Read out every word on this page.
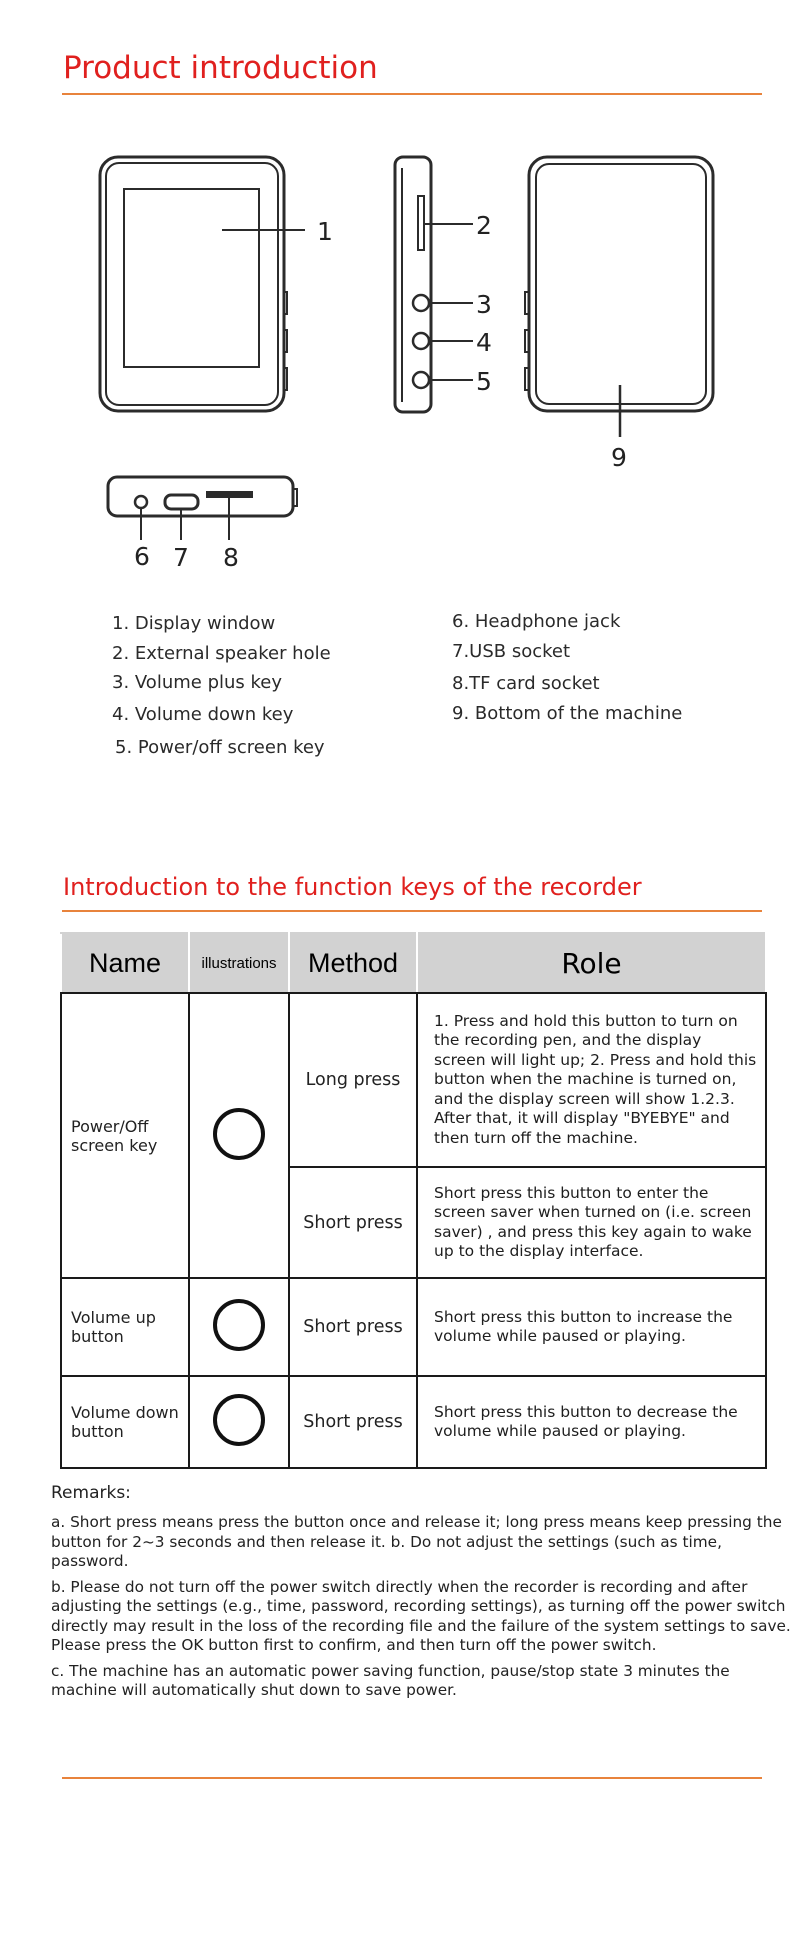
Product introduction
1	2
3
4
5
6 7 8
9
1. Display window
2. External speaker hole
3. Volume plus key
4. Volume down key
5. Power/off screen key
6. Headphone jack
7.USB socket
8.TF card socket
9. Bottom of the machine
Introduction to the function keys of the recorder
Name	illustrations	Method	Role
Power/Off screen key		Long press	1. Press and hold this button to turn on the recording pen, and the display screen will light up; 2. Press and hold this button when the machine is turned on, and the display screen will show 1.2.3. After that, it will display "BYEBYE" and then turn off the machine.
		Short press	Short press this button to enter the screen saver when turned on (i.e. screen saver) , and press this key again to wake up to the display interface.
Volume up button		Short press	Short press this button to increase the volume while paused or playing.
Volume down button		Short press	Short press this button to decrease the volume while paused or playing.
Remarks:

a. Short press means press the button once and release it; long press means keep pressing the button for 2~3 seconds and then release it. b. Do not adjust the settings (such as time, password.

b. Please do not turn off the power switch directly when the recorder is recording and after adjusting the settings (e.g., time, password, recording settings), as turning off the power switch directly may result in the loss of the recording file and the failure of the system settings to save. Please press the OK button first to confirm, and then turn off the power switch.

c. The machine has an automatic power saving function, pause/stop state 3 minutes the machine will automatically shut down to save power.
